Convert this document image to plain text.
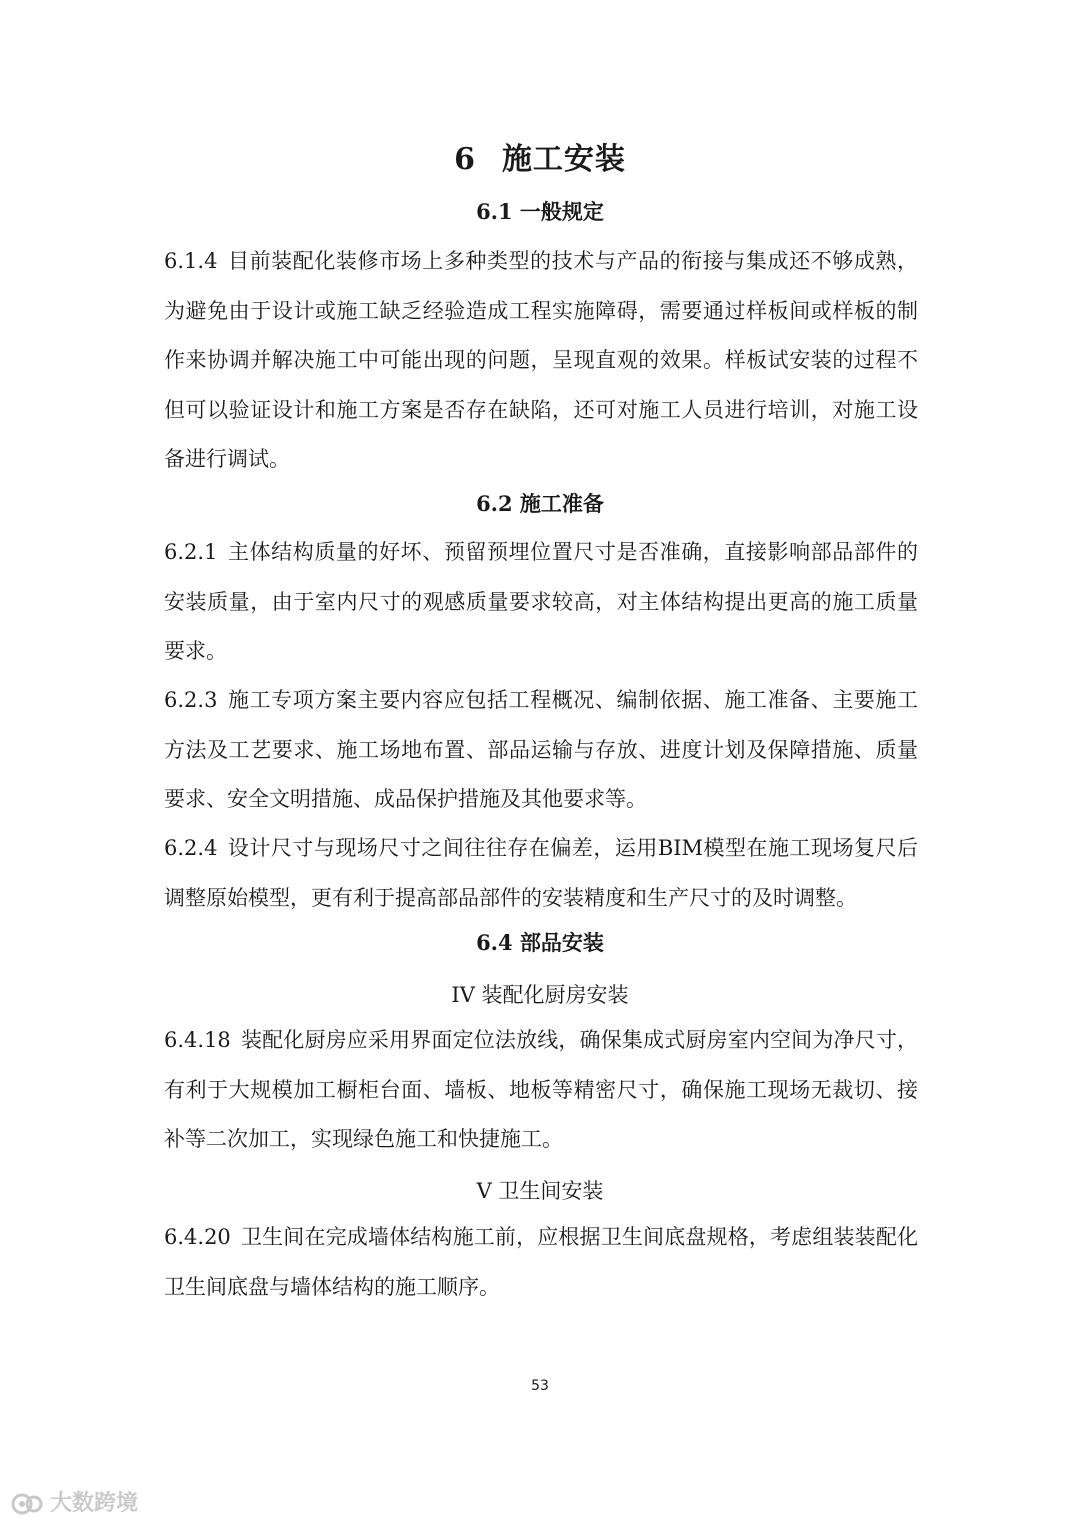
6 施工安装
6.1 一般规定

6.1.4 目前装配化装修市场上多种类型的技术与产品的衔接与集成还不够成熟，为避免由于设计或施工缺乏经验造成工程实施障碍，需要通过样板间或样板的制作来协调并解决施工中可能出现的问题，呈现直观的效果。样板试安装的过程不但可以验证设计和施工方案是否存在缺陷，还可对施工人员进行培训，对施工设备进行调试。

6.2 施工准备

6.2.1 主体结构质量的好坏、预留预埋位置尺寸是否准确，直接影响部品部件的安装质量，由于室内尺寸的观感质量要求较高，对主体结构提出更高的施工质量要求。

6.2.3 施工专项方案主要内容应包括工程概况、编制依据、施工准备、主要施工方法及工艺要求、施工场地布置、部品运输与存放、进度计划及保障措施、质量要求、安全文明措施、成品保护措施及其他要求等。

6.2.4 设计尺寸与现场尺寸之间往往存在偏差，运用BIM模型在施工现场复尺后调整原始模型，更有利于提高部品部件的安装精度和生产尺寸的及时调整。

6.4 部品安装
IV 装配化厨房安装

6.4.18 装配化厨房应采用界面定位法放线，确保集成式厨房室内空间为净尺寸，有利于大规模加工橱柜台面、墙板、地板等精密尺寸，确保施工现场无裁切、接补等二次加工，实现绿色施工和快捷施工。

V 卫生间安装

6.4.20 卫生间在完成墙体结构施工前，应根据卫生间底盘规格，考虑组装装配化卫生间底盘与墙体结构的施工顺序。

53
大数跨境
